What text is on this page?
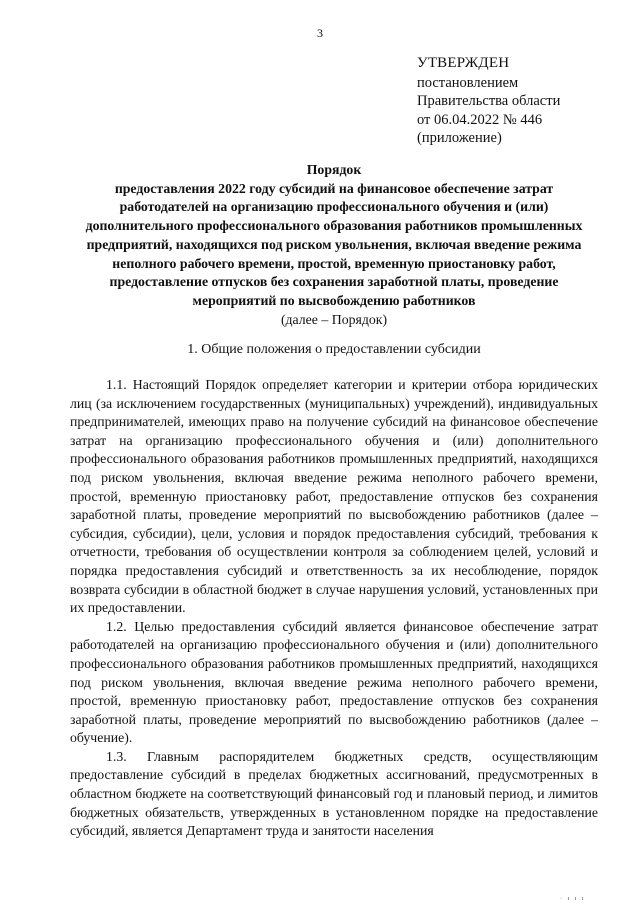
3
УТВЕРЖДЕН
постановлением
Правительства области
от 06.04.2022 № 446
(приложение)
Порядок
предоставления 2022 году субсидий на финансовое обеспечение затрат работодателей на организацию профессионального обучения и (или) дополнительного профессионального образования работников промышленных предприятий, находящихся под риском увольнения, включая введение режима неполного рабочего времени, простой, временную приостановку работ, предоставление отпусков без сохранения заработной платы, проведение мероприятий по высвобождению работников
(далее – Порядок)
1. Общие положения о предоставлении субсидии

1.1. Настоящий Порядок определяет категории и критерии отбора юридических лиц (за исключением государственных (муниципальных) учреждений), индивидуальных предпринимателей, имеющих право на получение субсидий на финансовое обеспечение затрат на организацию профессионального обучения и (или) дополнительного профессионального образования работников промышленных предприятий, находящихся под риском увольнения, включая введение режима неполного рабочего времени, простой, временную приостановку работ, предоставление отпусков без сохранения заработной платы, проведение мероприятий по высвобождению работников (далее – субсидия, субсидии), цели, условия и порядок предоставления субсидий, требования к отчетности, требования об осуществлении контроля за соблюдением целей, условий и порядка предоставления субсидий и ответственность за их несоблюдение, порядок возврата субсидии в областной бюджет в случае нарушения условий, установленных при их предоставлении.

1.2. Целью предоставления субсидий является финансовое обеспечение затрат работодателей на организацию профессионального обучения и (или) дополнительного профессионального образования работников промышленных предприятий, находящихся под риском увольнения, включая введение режима неполного рабочего времени, простой, временную приостановку работ, предоставление отпусков без сохранения заработной платы, проведение мероприятий по высвобождению работников (далее – обучение).

1.3. Главным распорядителем бюджетных средств, осуществляющим предоставление субсидий в пределах бюджетных ассигнований, предусмотренных в областном бюджете на соответствующий финансовый год и плановый период, и лимитов бюджетных обязательств, утвержденных в установленном порядке на предоставление субсидий, является Департамент труда и занятости населения

· ı ı ı
